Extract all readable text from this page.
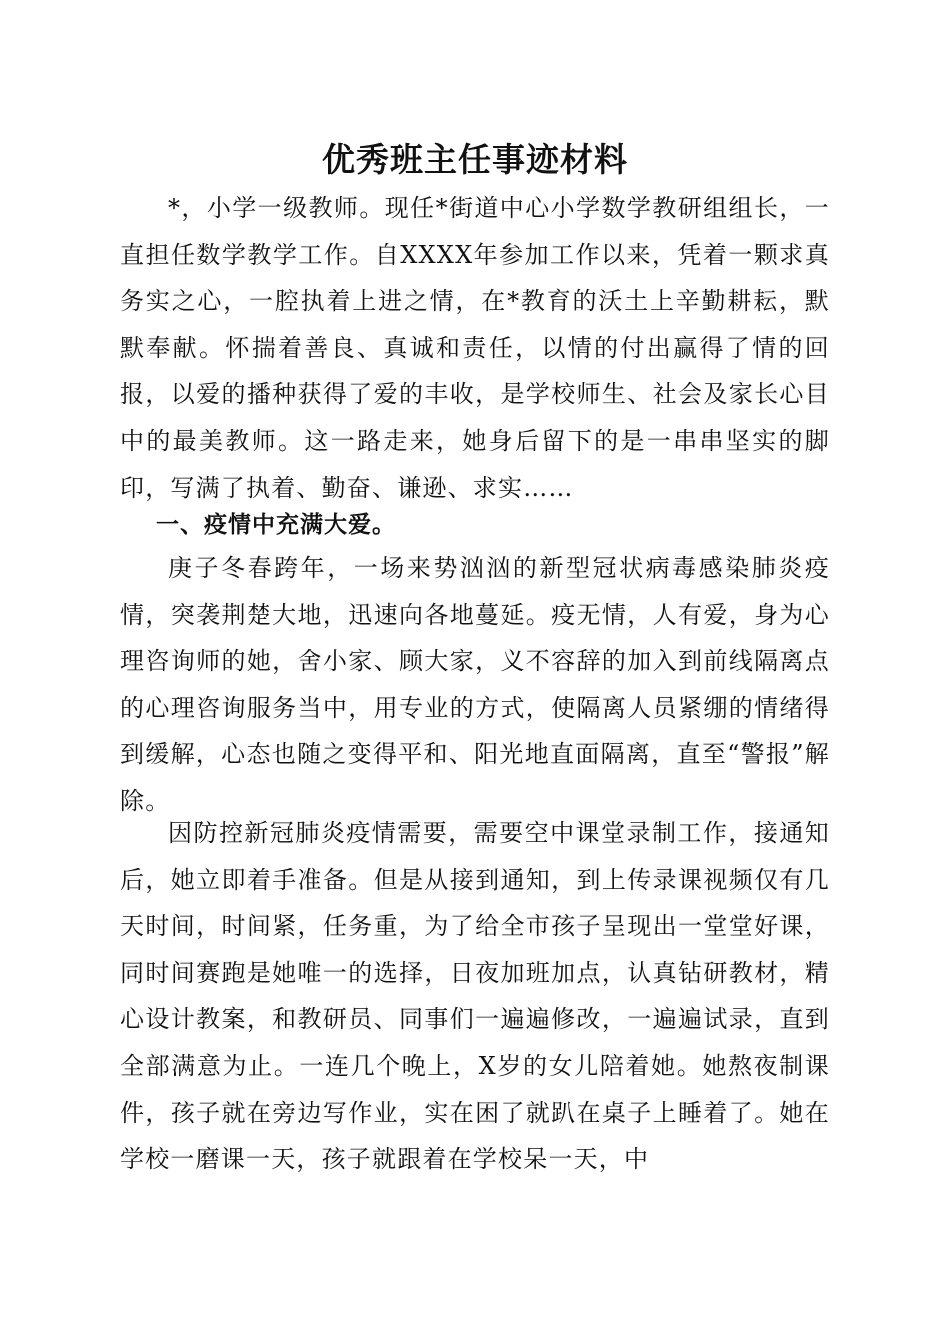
优秀班主任事迹材料

*，小学一级教师。现任*街道中心小学数学教研组组长，一直担任数学教学工作。自XXXX年参加工作以来，凭着一颗求真务实之心，一腔执着上进之情，在*教育的沃土上辛勤耕耘，默默奉献。怀揣着善良、真诚和责任，以情的付出赢得了情的回报，以爱的播种获得了爱的丰收，是学校师生、社会及家长心目中的最美教师。这一路走来，她身后留下的是一串串坚实的脚印，写满了执着、勤奋、谦逊、求实……

一、疫情中充满大爱。

庚子冬春跨年，一场来势汹汹的新型冠状病毒感染肺炎疫情，突袭荆楚大地，迅速向各地蔓延。疫无情，人有爱，身为心理咨询师的她，舍小家、顾大家，义不容辞的加入到前线隔离点的心理咨询服务当中，用专业的方式，使隔离人员紧绷的情绪得到缓解，心态也随之变得平和、阳光地直面隔离，直至“警报”解除。

因防控新冠肺炎疫情需要，需要空中课堂录制工作，接通知后，她立即着手准备。但是从接到通知，到上传录课视频仅有几天时间，时间紧，任务重，为了给全市孩子呈现出一堂堂好课，同时间赛跑是她唯一的选择，日夜加班加点，认真钻研教材，精心设计教案，和教研员、同事们一遍遍修改，一遍遍试录，直到全部满意为止。一连几个晚上，X岁的女儿陪着她。她熬夜制课件，孩子就在旁边写作业，实在困了就趴在桌子上睡着了。她在学校一磨课一天，孩子就跟着在学校呆一天，中
